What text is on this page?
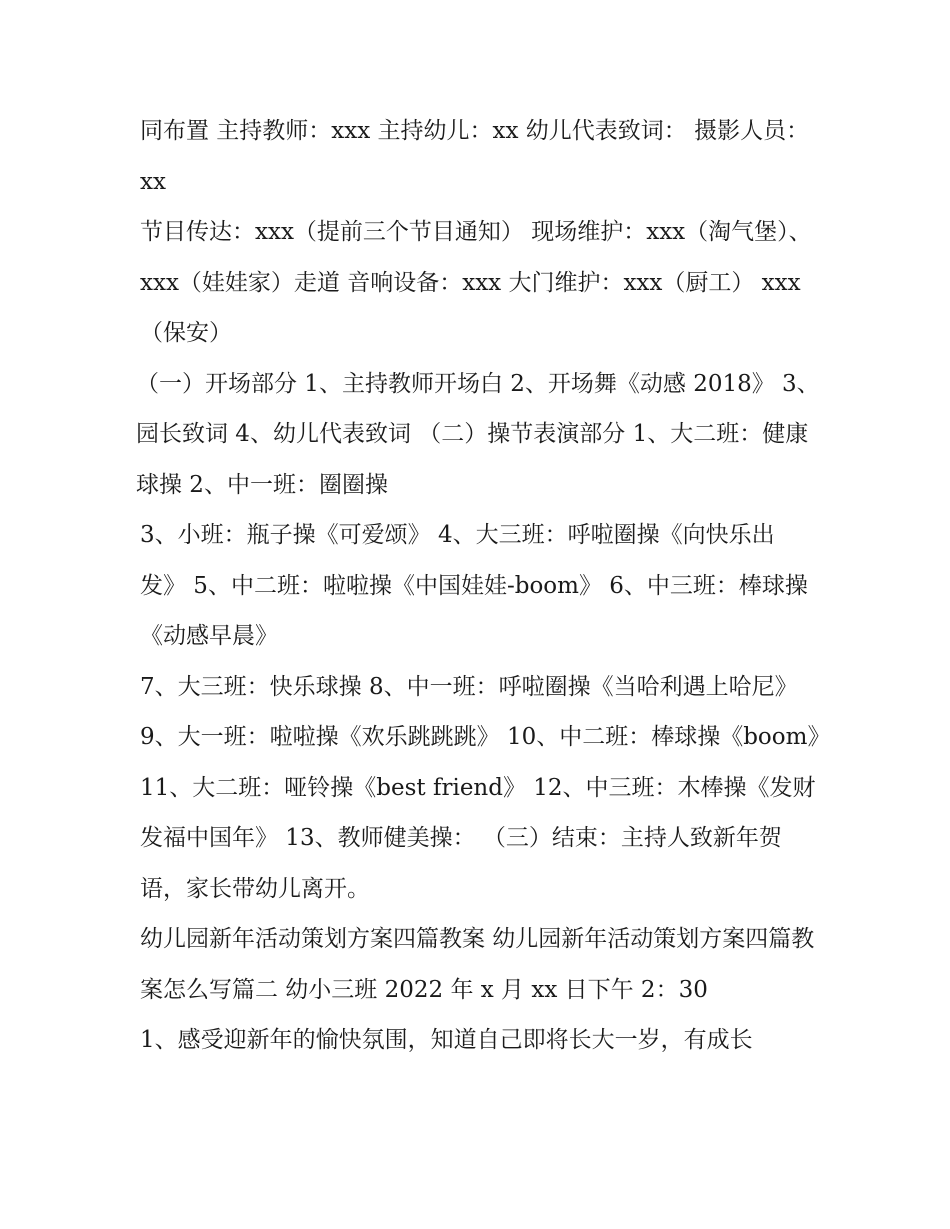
同布置 主持教师：xxx 主持幼儿：xx 幼儿代表致词： 摄影人员：xx

节目传达：xxx（提前三个节目通知） 现场维护：xxx（淘气堡）、xxx（娃娃家）走道 音响设备：xxx 大门维护：xxx（厨工） xxx（保安）

（一）开场部分 1、主持教师开场白 2、开场舞《动感 2018》 3、园长致词 4、幼儿代表致词 （二）操节表演部分 1、大二班：健康球操 2、中一班：圈圈操

3、小班：瓶子操《可爱颂》 4、大三班：呼啦圈操《向快乐出发》 5、中二班：啦啦操《中国娃娃-boom》 6、中三班：棒球操《动感早晨》

7、大三班：快乐球操 8、中一班：呼啦圈操《当哈利遇上哈尼》 9、大一班：啦啦操《欢乐跳跳跳》 10、中二班：棒球操《boom》

11、大二班：哑铃操《best friend》 12、中三班：木棒操《发财发福中国年》 13、教师健美操： （三）结束：主持人致新年贺语，家长带幼儿离开。

幼儿园新年活动策划方案四篇教案 幼儿园新年活动策划方案四篇教案怎么写篇二 幼小三班 2022 年 x 月 xx 日下午 2：30

1、感受迎新年的愉快氛围，知道自己即将长大一岁，有成长
